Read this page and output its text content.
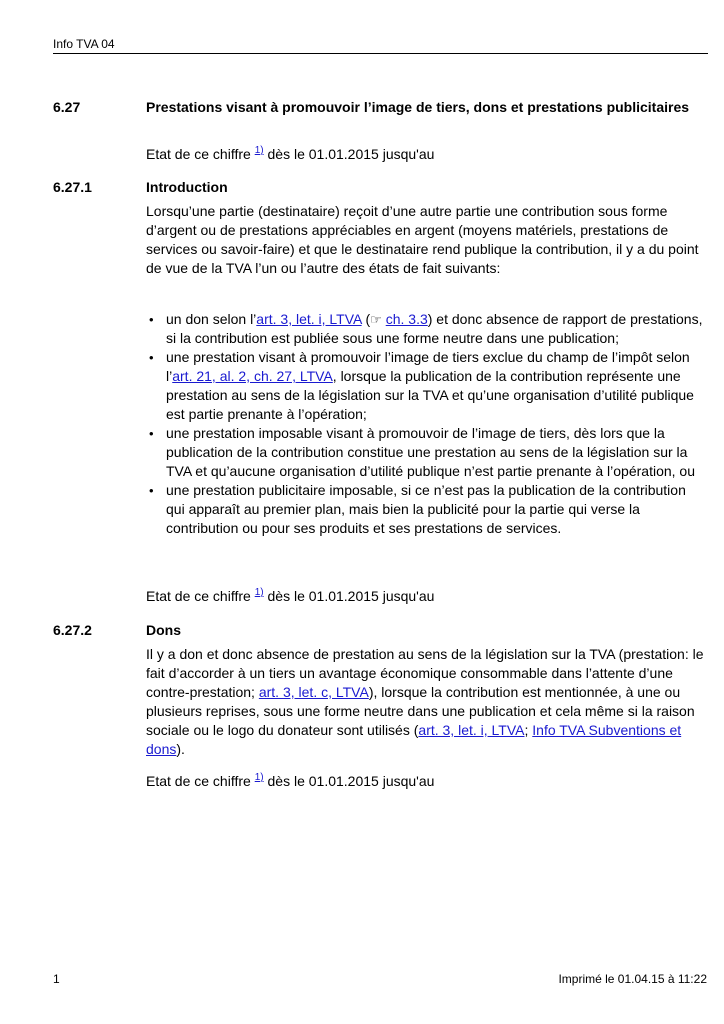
Info TVA 04
6.27	Prestations visant à promouvoir l’image de tiers, dons et prestations publicitaires
Etat de ce chiffre $^{1)}$ dès le 01.01.2015 jusqu'au
6.27.1	Introduction

Lorsqu’une partie (destinataire) reçoit d’une autre partie une contribution sous forme d’argent ou de prestations appréciables en argent (moyens matériels, prestations de services ou savoir-faire) et que le destinataire rend publique la contribution, il y a du point de vue de la TVA l’un ou l’autre des états de fait suivants:

• un don selon l’art. 3, let. i, LTVA (☞ ch. 3.3) et donc absence de rapport de prestations, si la contribution est publiée sous une forme neutre dans une publication;
• une prestation visant à promouvoir l’image de tiers exclue du champ de l’impôt selon l’art. 21, al. 2, ch. 27, LTVA, lorsque la publication de la contribution représente une prestation au sens de la législation sur la TVA et qu’une organisation d’utilité publique est partie prenante à l’opération;
• une prestation imposable visant à promouvoir de l’image de tiers, dès lors que la publication de la contribution constitue une prestation au sens de la législation sur la TVA et qu’aucune organisation d’utilité publique n’est partie prenante à l’opération, ou
• une prestation publicitaire imposable, si ce n’est pas la publication de la contribution qui apparaît au premier plan, mais bien la publicité pour la partie qui verse la contribution ou pour ses produits et ses prestations de services.
Etat de ce chiffre $^{1)}$ dès le 01.01.2015 jusqu'au
6.27.2	Dons

Il y a don et donc absence de prestation au sens de la législation sur la TVA (prestation: le fait d’accorder à un tiers un avantage économique consommable dans l’attente d’une contre-prestation; art. 3, let. c, LTVA), lorsque la contribution est mentionnée, à une ou plusieurs reprises, sous une forme neutre dans une publication et cela même si la raison sociale ou le logo du donateur sont utilisés (art. 3, let. i, LTVA; Info TVA Subventions et dons).

Etat de ce chiffre $^{1)}$ dès le 01.01.2015 jusqu'au
1	Imprimé le 01.04.15 à 11:22
